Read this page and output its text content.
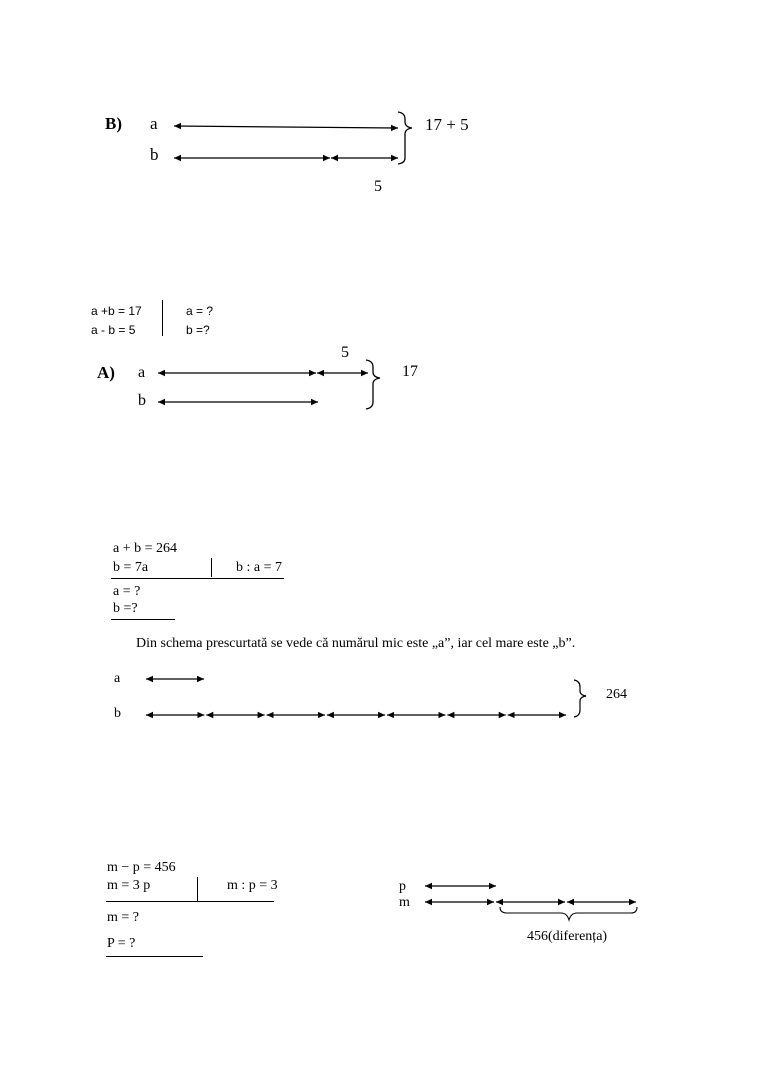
B) a
b
17 + 5
5
a +b = 17
a - b = 5
a = ?
b =?
A) a
b
5
17
a + b = 264
b = 7a	b : a = 7
a = ?
b =?
Din schema prescurtată se vede că numărul mic este „a”, iar cel mare este „b”.
a
b
264
m − p = 456
m = 3 p	m : p = 3
m = ?
P = ?
p
m
456(diferența)
